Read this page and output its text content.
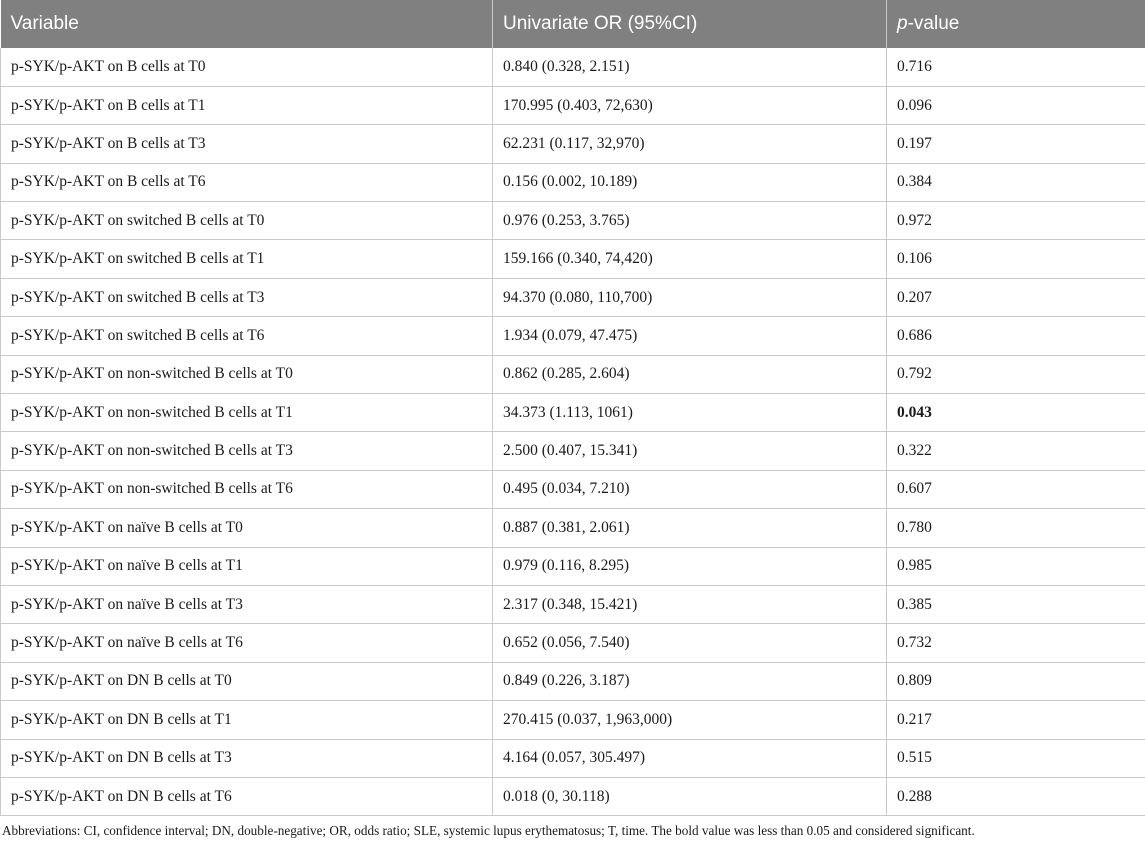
Variable	Univariate OR (95%CI)	p-value
p-SYK/p-AKT on B cells at T0	0.840 (0.328, 2.151)	0.716
p-SYK/p-AKT on B cells at T1	170.995 (0.403, 72,630)	0.096
p-SYK/p-AKT on B cells at T3	62.231 (0.117, 32,970)	0.197
p-SYK/p-AKT on B cells at T6	0.156 (0.002, 10.189)	0.384
p-SYK/p-AKT on switched B cells at T0	0.976 (0.253, 3.765)	0.972
p-SYK/p-AKT on switched B cells at T1	159.166 (0.340, 74,420)	0.106
p-SYK/p-AKT on switched B cells at T3	94.370 (0.080, 110,700)	0.207
p-SYK/p-AKT on switched B cells at T6	1.934 (0.079, 47.475)	0.686
p-SYK/p-AKT on non-switched B cells at T0	0.862 (0.285, 2.604)	0.792
p-SYK/p-AKT on non-switched B cells at T1	34.373 (1.113, 1061)	0.043
p-SYK/p-AKT on non-switched B cells at T3	2.500 (0.407, 15.341)	0.322
p-SYK/p-AKT on non-switched B cells at T6	0.495 (0.034, 7.210)	0.607
p-SYK/p-AKT on naïve B cells at T0	0.887 (0.381, 2.061)	0.780
p-SYK/p-AKT on naïve B cells at T1	0.979 (0.116, 8.295)	0.985
p-SYK/p-AKT on naïve B cells at T3	2.317 (0.348, 15.421)	0.385
p-SYK/p-AKT on naïve B cells at T6	0.652 (0.056, 7.540)	0.732
p-SYK/p-AKT on DN B cells at T0	0.849 (0.226, 3.187)	0.809
p-SYK/p-AKT on DN B cells at T1	270.415 (0.037, 1,963,000)	0.217
p-SYK/p-AKT on DN B cells at T3	4.164 (0.057, 305.497)	0.515
p-SYK/p-AKT on DN B cells at T6	0.018 (0, 30.118)	0.288
Abbreviations: CI, confidence interval; DN, double-negative; OR, odds ratio; SLE, systemic lupus erythematosus; T, time. The bold value was less than 0.05 and considered significant.
